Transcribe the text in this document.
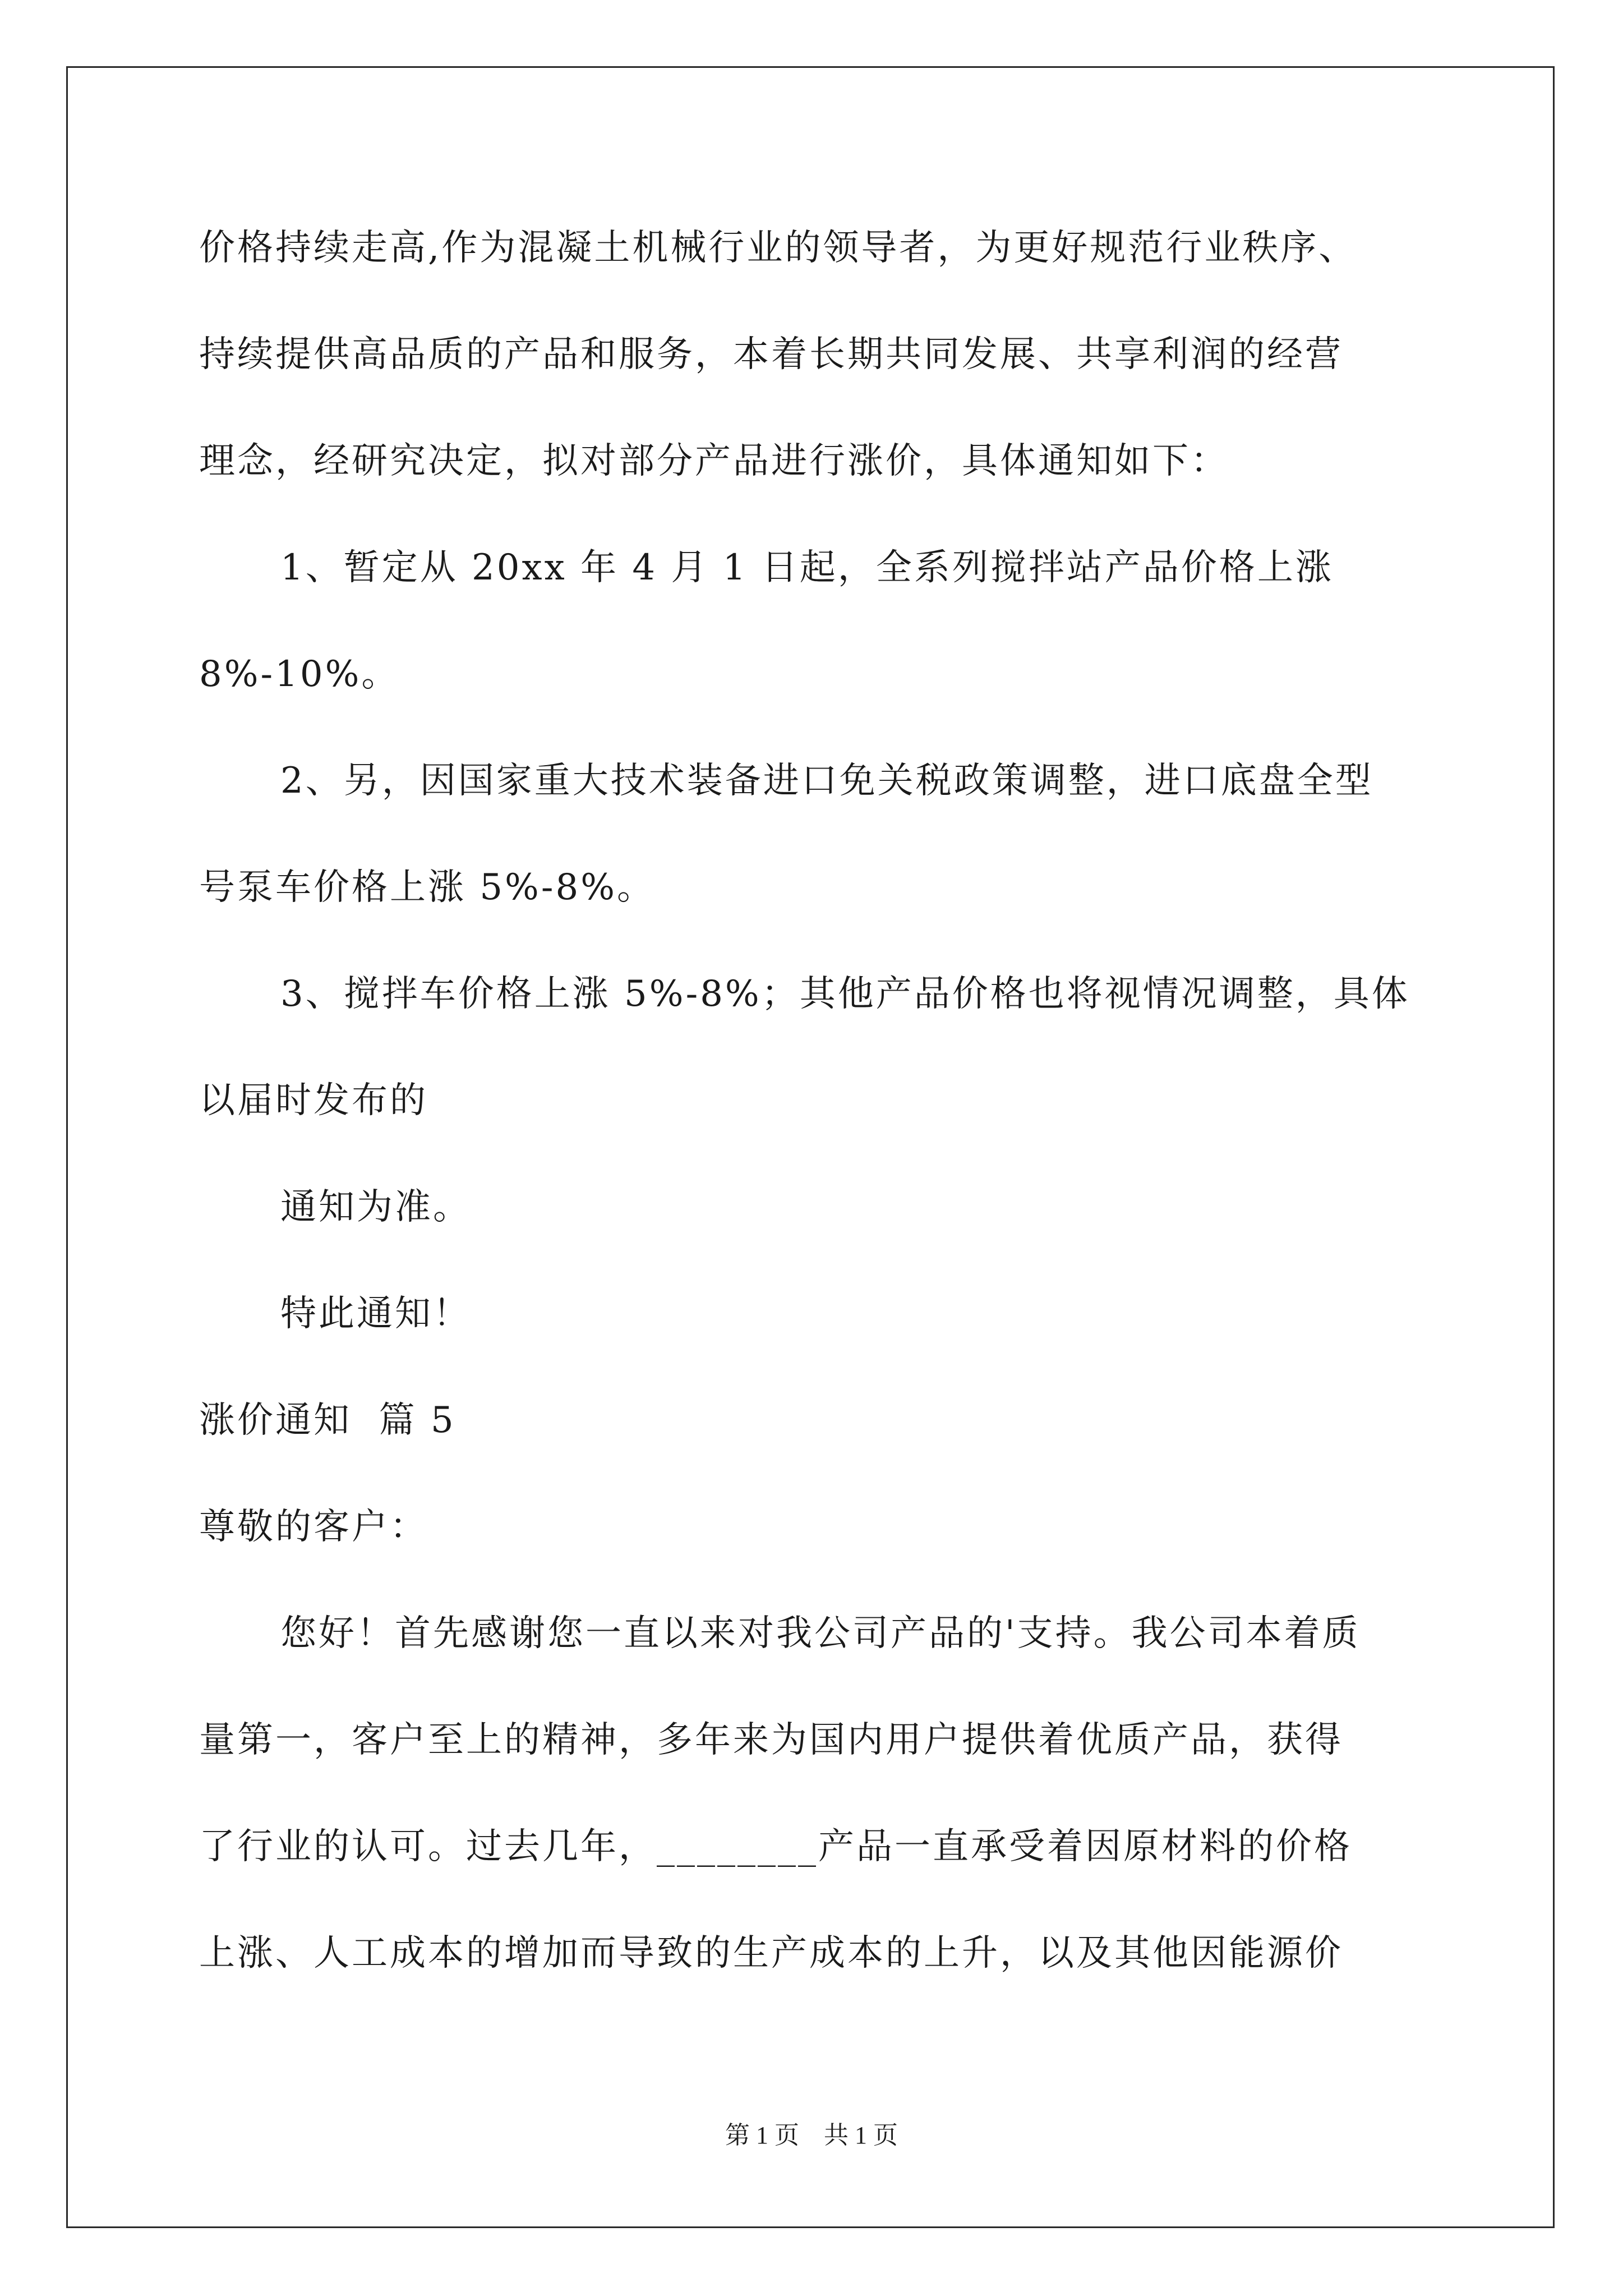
价格持续走高,作为混凝土机械行业的领导者，为更好规范行业秩序、
持续提供高品质的产品和服务，本着长期共同发展、共享利润的经营
理念，经研究决定，拟对部分产品进行涨价，具体通知如下：
1、暂定从 20xx 年 4 月 1 日起，全系列搅拌站产品价格上涨
8%-10%。
2、另，因国家重大技术装备进口免关税政策调整，进口底盘全型
号泵车价格上涨 5%-8%。
3、搅拌车价格上涨 5%-8%；其他产品价格也将视情况调整，具体
以届时发布的
通知为准。
特此通知！
涨价通知  篇 5
尊敬的客户：
您好！首先感谢您一直以来对我公司产品的'支持。我公司本着质
量第一，客户至上的精神，多年来为国内用户提供着优质产品，获得
了行业的认可。过去几年，________产品一直承受着因原材料的价格
上涨、人工成本的增加而导致的生产成本的上升，以及其他因能源价
第 1 页    共 1 页
